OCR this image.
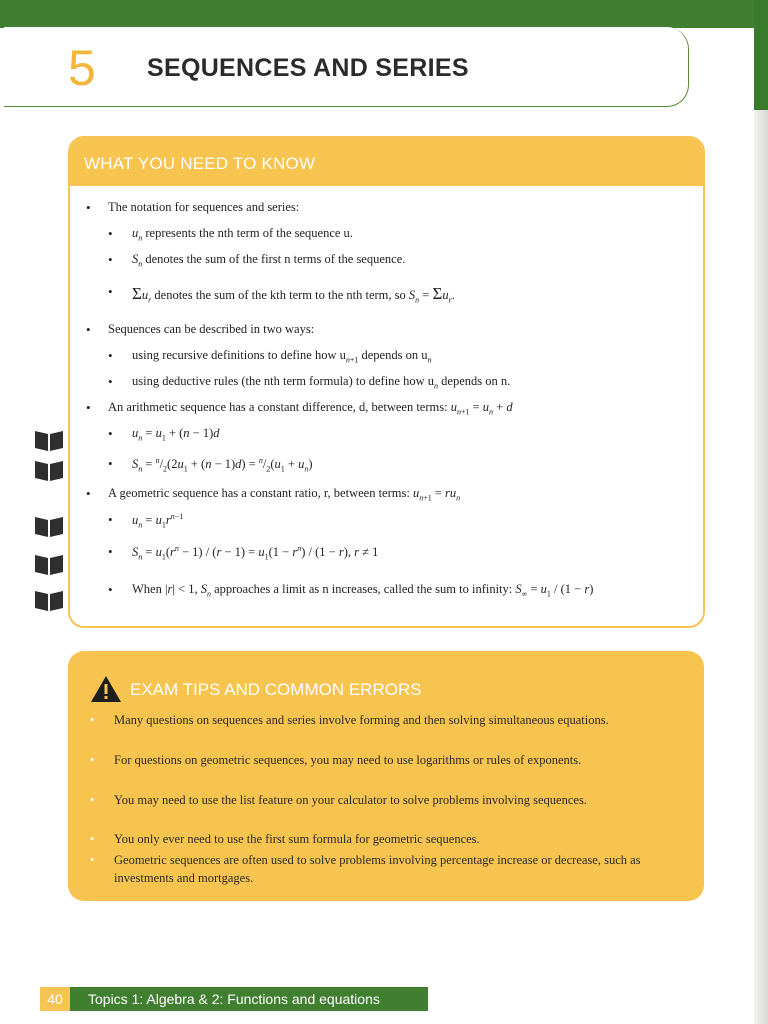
5 SEQUENCES AND SERIES
WHAT YOU NEED TO KNOW
• The notation for sequences and series:
• $u_n$ represents the nth term of the sequence u.
• $S_n$ denotes the sum of the first n terms of the sequence.
• $\Sigma u_r$ denotes the sum of the kth term to the nth term, so $S_n = \Sigma u_r$.
• Sequences can be described in two ways:
• using recursive definitions to define how $u_{n+1}$ depends on $u_n$
• using deductive rules (the nth term formula) to define how $u_n$ depends on n.
• An arithmetic sequence has a constant difference, d, between terms: $u_{n+1} = u_n + d$
• $u_n = u_1 + (n - 1)d$
• $S_n = ^n/_2(2u_1 + (n - 1)d) = ^n/_2(u_1 + u_n)$
• A geometric sequence has a constant ratio, r, between terms: $u_{n+1} = ru_n$
• $u_n = u_1r^{n-1}$
• $S_n = u_1(r^n - 1) / (r - 1) = u_1(1 - r^n) / (1 - r)$, r ≠ 1
• When |r| < 1, $S_n$ approaches a limit as n increases, called the sum to infinity: $S_\infty = u_1 / (1 - r)$
EXAM TIPS AND COMMON ERRORS
• Many questions on sequences and series involve forming and then solving simultaneous equations.
• For questions on geometric sequences, you may need to use logarithms or rules of exponents.
• You may need to use the list feature on your calculator to solve problems involving sequences.
• You only ever need to use the first sum formula for geometric sequences.
• Geometric sequences are often used to solve problems involving percentage increase or decrease, such as investments and mortgages.
40	Topics 1: Algebra & 2: Functions and equations
